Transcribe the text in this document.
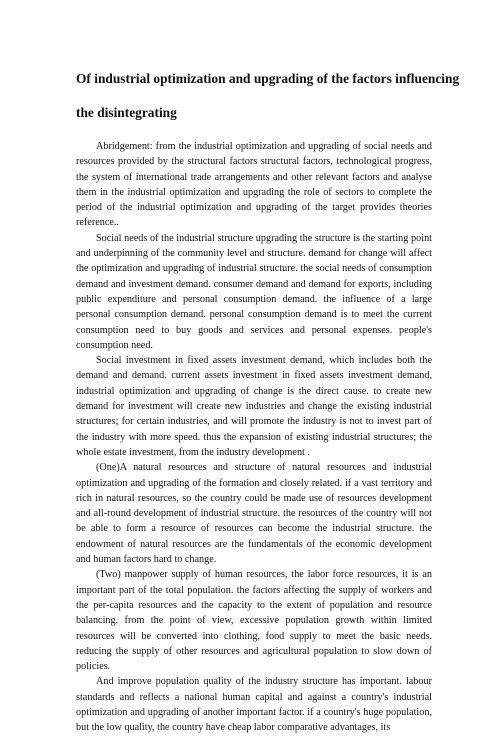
Of industrial optimization and upgrading of the factors influencing
the disintegrating

Abridgement: from the industrial optimization and upgrading of social needs and resources provided by the structural factors structural factors, technological progress, the system of international trade arrangements and other relevant factors and analyse them in the industrial optimization and upgrading the role of sectors to complete the period of the industrial optimization and upgrading of the target provides theories reference..

Social needs of the industrial structure upgrading the structure is the starting point and underpinning of the community level and structure. demand for change will affect the optimization and upgrading of industrial structure. the social needs of consumption demand and investment demand. consumer demand and demand for exports, including public expenditure and personal consumption demand. the influence of a large personal consumption demand. personal consumption demand is to meet the current consumption need to buy goods and services and personal expenses. people's consumption need.

Social investment in fixed assets investment demand, which includes both the demand and demand. current assets investment in fixed assets investment demand, industrial optimization and upgrading of change is the direct cause. to create new demand for investment will create new industries and change the existing industrial structures; for certain industries, and will promote the industry is not to invest part of the industry with more speed. thus the expansion of existing industrial structures; the whole estate investment, from the industry development .

(One)A natural resources and structure of natural resources and industrial optimization and upgrading of the formation and closely related. if a vast territory and rich in natural resources, so the country could be made use of resources development and all-round development of industrial structure. the resources of the country will not be able to form a resource of resources can become the industrial structure. the endowment of natural resources are the fundamentals of the economic development and human factors hard to change.

(Two) manpower supply of human resources, the labor force resources, it is an important part of the total population. the factors affecting the supply of workers and the per-capita resources and the capacity to the extent of population and resource balancing. from the point of view, excessive population growth within limited resources will be converted into clothing, food supply to meet the basic needs. reducing the supply of other resources and agricultural population to slow down of policies.

And improve population quality of the industry structure has important. labour standards and reflects a national human capital and against a country's industrial optimization and upgrading of another important factor. if a country's huge population, but the low quality, the country have cheap labor comparative advantages, its
